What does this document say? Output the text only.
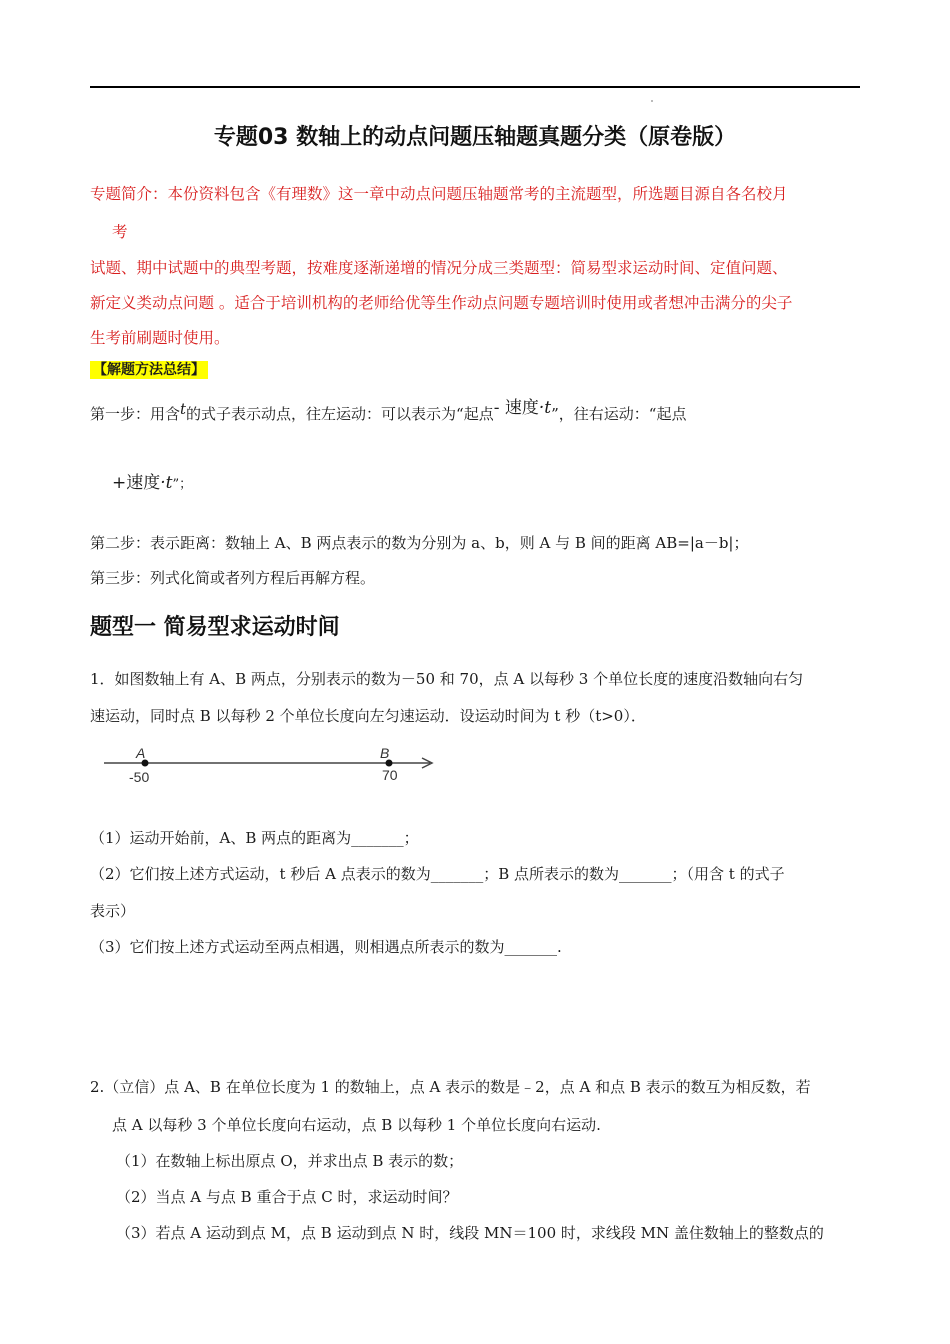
专题03 数轴上的动点问题压轴题真题分类（原卷版）
专题简介：本份资料包含《有理数》这一章中动点问题压轴题常考的主流题型，所选题目源自各名校月
考
试题、期中试题中的典型考题，按难度逐渐递增的情况分成三类题型：简易型求运动时间、定值问题、
新定义类动点问题 。适合于培训机构的老师给优等生作动点问题专题培训时使用或者想冲击满分的尖子
生考前刷题时使用。
【解题方法总结】
第一步：用含t的式子表示动点，往左运动：可以表示为“起点- 速度·t”，往右运动：“起点
+速度·t”；
第二步：表示距离：数轴上 A、B 两点表示的数为分别为 a、b，则 A 与 B 间的距离 AB=|a－b|；
第三步：列式化简或者列方程后再解方程。
题型一 简易型求运动时间
1．如图数轴上有 A、B 两点，分别表示的数为－50 和 70，点 A 以每秒 3 个单位长度的速度沿数轴向右匀
速运动，同时点 B 以每秒 2 个单位长度向左匀速运动．设运动时间为 t 秒（t>0）．
A
-50
B
70
（1）运动开始前，A、B 两点的距离为_______；
（2）它们按上述方式运动，t 秒后 A 点表示的数为_______；B 点所表示的数为_______；（用含 t 的式子
表示）
（3）它们按上述方式运动至两点相遇，则相遇点所表示的数为_______.
2.（立信）点 A、B 在单位长度为 1 的数轴上，点 A 表示的数是﹣2，点 A 和点 B 表示的数互为相反数，若
点 A 以每秒 3 个单位长度向右运动，点 B 以每秒 1 个单位长度向右运动.
（1）在数轴上标出原点 O，并求出点 B 表示的数；
（2）当点 A 与点 B 重合于点 C 时，求运动时间？
（3）若点 A 运动到点 M，点 B 运动到点 N 时，线段 MN＝100 时，求线段 MN 盖住数轴上的整数点的
